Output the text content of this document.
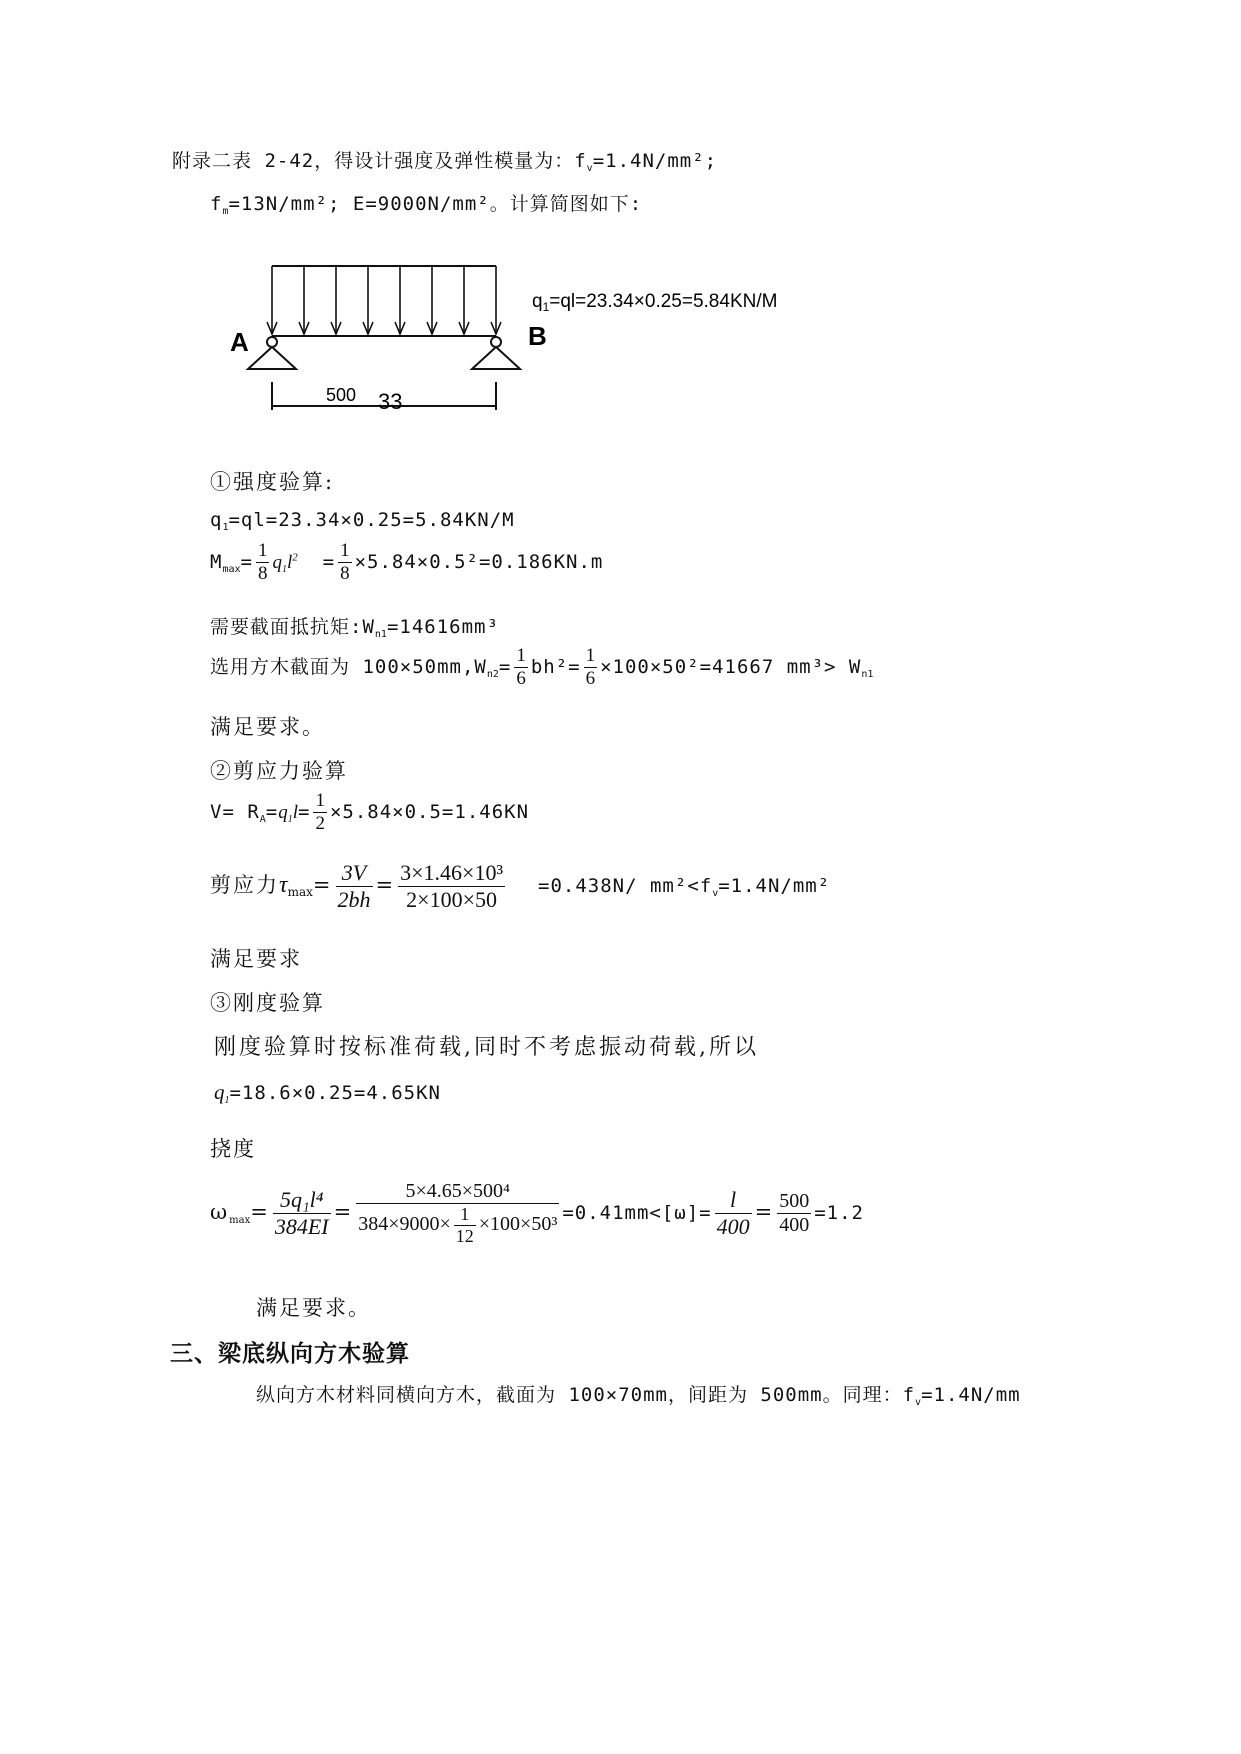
附录二表 2-42，得设计强度及弹性模量为：$f_v=1.4N$/mm²;
$f_m=13N$/mm²; E=9000N/mm²。计算简图如下:
A	B
500 33
$q_1=ql=23.34\times 0.25=5.84KN/M$
①强度验算:
$q_1=ql=23.34\times 0.25=5.84KN/M$
$M_{max}= \frac{1}{8} q_1l^2 = \frac{1}{8} \times 5.84\times 0.5^2=0.186KN.m$
需要截面抵抗矩$:W_{n1}=14616mm^3$
选用方木截面为 $100\times 50mm,W_{n2}= \frac{1}{6} bh^2= \frac{1}{6} \times 100\times 50^2=41667$ $mm^3> W_{n1}$
满足要求。
②剪应力验算
$V= R_A=q_1l= \frac{1}{2} \times 5.84\times 0.5=1.46KN$
剪应力$\tau_{max}= \frac{3V}{2bh} = \frac{\text{3×1.46×10³}}{2\times 100\times 50} =0.438N/$ $mm^2<f_v=1.4N$/mm²
满足要求
③刚度验算
刚度验算时按标准荷载,同时不考虑振动荷载,所以
$q_1=18.6\times 0.25=4.65KN$
挠度
$\omega_{max}= \frac{\text{5q₁l⁴}}{384EI} = \frac{\text{5×4.65×500⁴}}{384\times 9000\times \frac{1}{12} \times 100\times 50^3} =0.41mm<[\omega]= \frac{l}{400} = \frac{500}{400} =1.2$
满足要求。
三、梁底纵向方木验算
纵向方木材料同横向方木，截面为 100×70mm，间距为 500mm。同理：$f_v=1.4N/mm$
